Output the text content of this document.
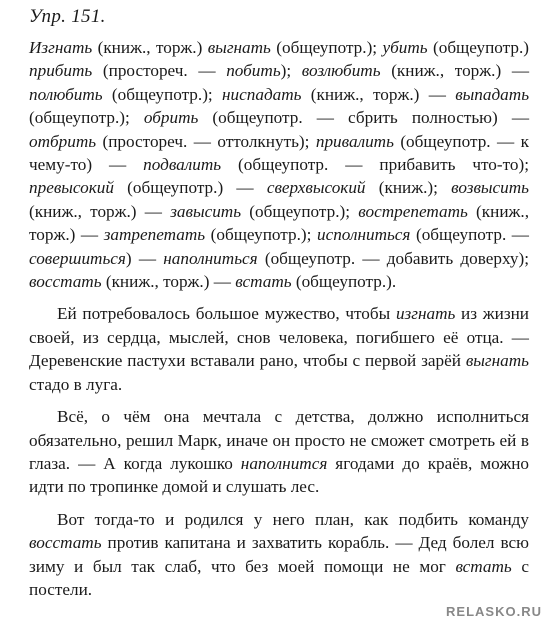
Упр. 151.

Изгнать (книж., торж.) выгнать (общеупотр.); убить (общеупотр.) прибить (простореч. — побить); возлюбить (книж., торж.) — полюбить (общеупотр.); ниспадать (книж., торж.) — выпадать (общеупотр.); обрить (общеупотр. — сбрить полностью) — отбрить (простореч. — оттолкнуть); привалить (общеупотр. — к чему-то) — подвалить (общеупотр. — прибавить что-то); превысокий (общеупотр.) — сверхвысокий (книж.); возвысить (книж., торж.) — завысить (общеупотр.); вострепетать (книж., торж.) — затрепетать (общеупотр.); исполниться (общеупотр. — совершиться) — наполниться (общеупотр. — добавить доверху); восстать (книж., торж.) — встать (общеупотр.).

Ей потребовалось большое мужество, чтобы изгнать из жизни своей, из сердца, мыслей, снов человека, погибшего её отца. — Деревенские пастухи вставали рано, чтобы с первой зарёй выгнать стадо в луга.

Всё, о чём она мечтала с детства, должно исполниться обязательно, решил Марк, иначе он просто не сможет смотреть ей в глаза. — А когда лукошко наполнится ягодами до краёв, можно идти по тропинке домой и слушать лес.

Вот тогда-то и родился у него план, как подбить команду восстать против капитана и захватить корабль. — Дед болел всю зиму и был так слаб, что без моей помощи не мог встать с постели.

RELASKO.RU
